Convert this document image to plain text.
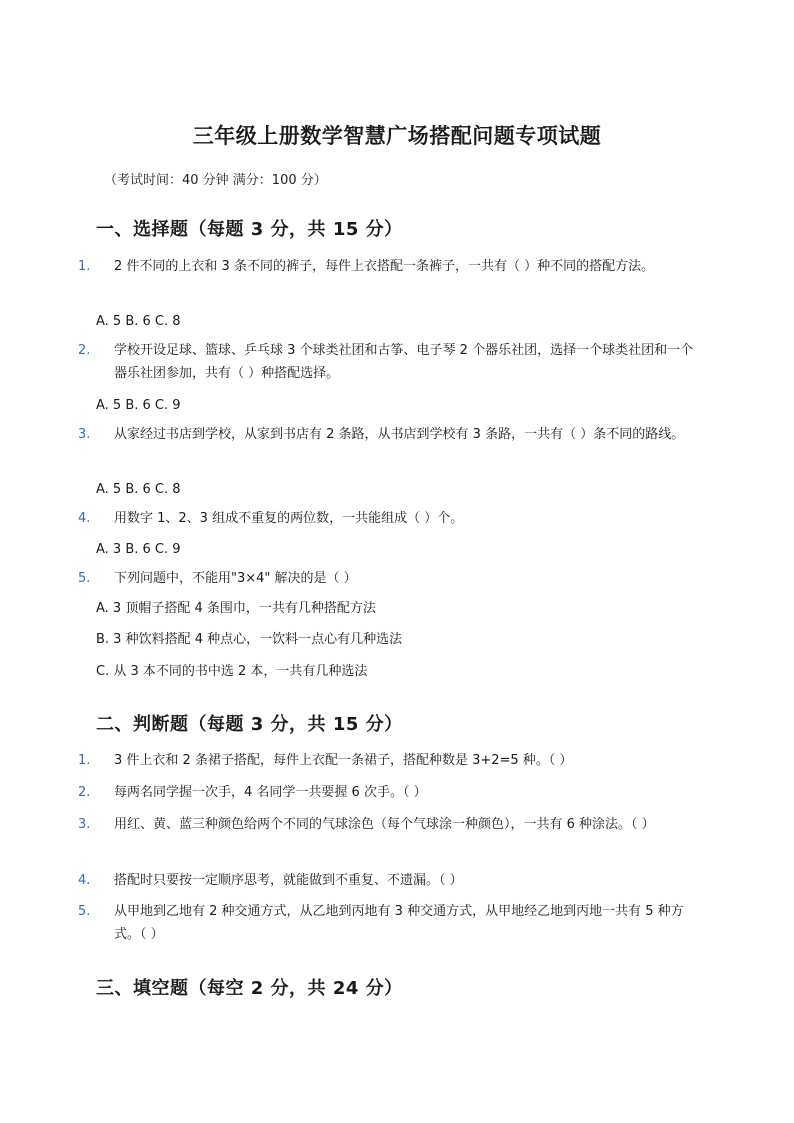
三年级上册数学智慧广场搭配问题专项试题
（考试时间：40 分钟 满分：100 分）
一、选择题（每题 3 分，共 15 分）
1. 2 件不同的上衣和 3 条不同的裤子，每件上衣搭配一条裤子，一共有（ ）种不同的搭配方法。
A. 5 B. 6 C. 8
2. 学校开设足球、篮球、乒乓球 3 个球类社团和古筝、电子琴 2 个器乐社团，选择一个球类社团和一个器乐社团参加，共有（ ）种搭配选择。
A. 5 B. 6 C. 9
3. 从家经过书店到学校，从家到书店有 2 条路，从书店到学校有 3 条路，一共有（ ）条不同的路线。
A. 5 B. 6 C. 8
4. 用数字 1、2、3 组成不重复的两位数，一共能组成（ ）个。
A. 3 B. 6 C. 9
5. 下列问题中，不能用"3×4" 解决的是（ ）
A. 3 顶帽子搭配 4 条围巾，一共有几种搭配方法
B. 3 种饮料搭配 4 种点心，一饮料一点心有几种选法
C. 从 3 本不同的书中选 2 本，一共有几种选法
二、判断题（每题 3 分，共 15 分）
1. 3 件上衣和 2 条裙子搭配，每件上衣配一条裙子，搭配种数是 3+2=5 种。（ ）
2. 每两名同学握一次手，4 名同学一共要握 6 次手。（ ）
3. 用红、黄、蓝三种颜色给两个不同的气球涂色（每个气球涂一种颜色），一共有 6 种涂法。（ ）
4. 搭配时只要按一定顺序思考，就能做到不重复、不遗漏。（ ）
5. 从甲地到乙地有 2 种交通方式，从乙地到丙地有 3 种交通方式，从甲地经乙地到丙地一共有 5 种方式。（ ）
三、填空题（每空 2 分，共 24 分）
